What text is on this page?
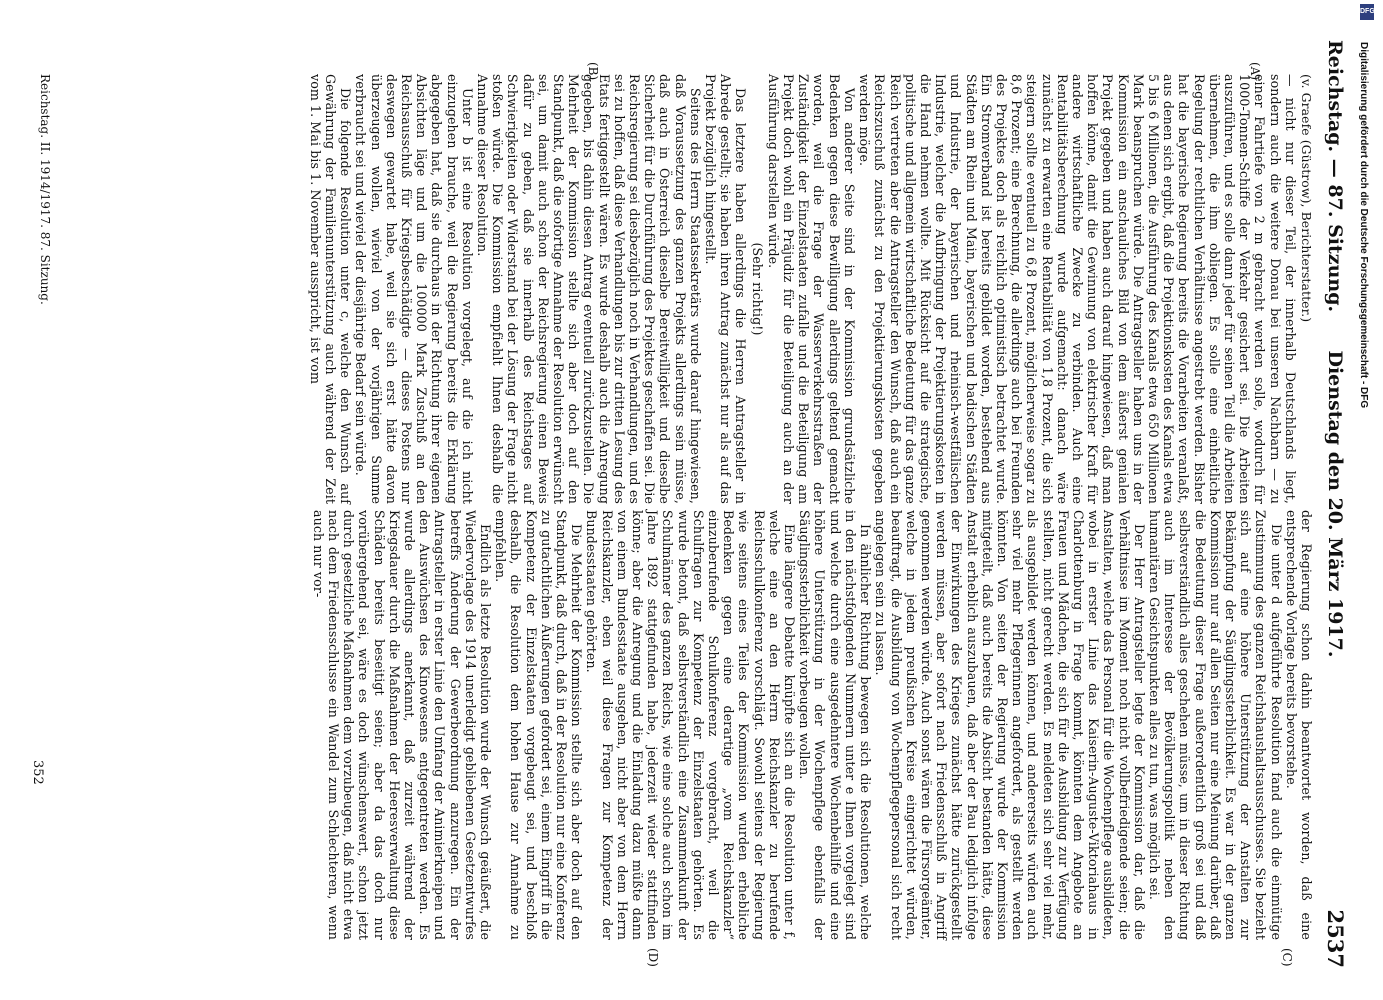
Reichstag. — 87. Sitzung.
Dienstag den 20. März 1917.
2537
(A)
(B)
(C)
(D)

(v. Graefe (Güstrow), Berichterstatter.)

— nicht nur dieser Teil, der innerhalb Deutschlands liegt, sondern auch die weitere Donau bei unseren Nachbarn — zu einer Fahrtiefe von 2 m gebracht werden solle, wodurch für 1000-Tonnen-Schiffe der Verkehr gesichert sei. Die Arbeiten auszuführen, und es solle dann jeder für seinen Teil die Arbeiten übernehmen, die ihm obliegen. Es solle eine einheitliche Regelung der rechtlichen Verhältnisse angestrebt werden. Bisher hat die bayerische Regierung bereits die Vorarbeiten veranlaßt, aus denen sich ergibt, daß die Projektionskosten des Kanals etwa 5 bis 6 Millionen, die Ausführung des Kanals etwa 650 Millionen Mark beanspruchen würde. Die Antragsteller haben uns in der Kommission ein anschauliches Bild von dem äußerst genialen Projekt gegeben und haben auch darauf hingewiesen, daß man hoffen könne, damit die Gewinnung von elektrischer Kraft für andere wirtschaftliche Zwecke zu verbinden. Auch eine Rentabilitätsberechnung wurde aufgemacht: danach wäre zunächst zu erwarten eine Rentabilität von 1,8 Prozent, die sich steigern sollte eventuell zu 6,8 Prozent, möglicherweise sogar zu 8,6 Prozent; eine Berechnung, die allerdings auch bei Freunden des Projektes doch als reichlich optimistisch betrachtet wurde. Ein Stromverband ist bereits gebildet worden, bestehend aus Städten am Rhein und Main, bayerischen und badischen Städten und Industrie, der bayerischen und rheinisch-westfälischen Industrie, welcher die Aufbringung der Projektierungskosten in die Hand nehmen wollte. Mit Rücksicht auf die strategische, politische und allgemein wirtschaftliche Bedeutung für das ganze Reich vertreten aber die Antragsteller den Wunsch, daß auch ein Reichszuschuß zunächst zu den Projektierungskosten gegeben werden möge.

Von anderer Seite sind in der Kommission grundsätzliche Bedenken gegen diese Bewilligung allerdings geltend gemacht worden, weil die Frage der Wasserverkehrsstraßen der Zuständigkeit der Einzelstaaten zufalle und die Beteiligung am Projekt doch wohl ein Präjudiz für die Beteiligung auch an der Ausführung darstellen würde.

(Sehr richtig!)

Das letztere haben allerdings die Herren Antragsteller in Abrede gestellt; sie haben ihren Antrag zunächst nur als auf das Projekt bezüglich hingestellt.

Seitens des Herrn Staatssekretärs wurde darauf hingewiesen, daß Voraussetzung des ganzen Projekts allerdings sein müsse, daß auch in Österreich dieselbe Bereitwilligkeit und dieselbe Sicherheit für die Durchführung des Projektes geschaffen sei. Die Reichsregierung sei diesbezüglich noch in Verhandlungen, und es sei zu hoffen, daß diese Verhandlungen bis zur dritten Lesung des Etats fertiggestellt wären. Es wurde deshalb auch die Anregung gegeben, bis dahin diesen Antrag eventuell zurückzustellen. Die Mehrheit der Kommission stellte sich aber doch auf den Standpunkt, daß die sofortige Annahme der Resolution erwünscht sei, um damit auch schon der Reichsregierung einen Beweis dafür zu geben, daß sie innerhalb des Reichstages auf Schwierigkeiten oder Widerstand bei der Lösung der Frage nicht stoßen würde. Die Kommission empfiehlt Ihnen deshalb die Annahme dieser Resolution.

Unter b ist eine Resolution vorgelegt, auf die ich nicht einzugehen brauche, weil die Regierung bereits die Erklärung abgegeben hat, daß sie durchaus in der Richtung ihrer eigenen Absichten läge und um die 100000 Mark Zuschuß an den Reichsausschuß für Kriegsbeschädigte — dieses Postens nur deswegen gewartet habe, weil sie sich erst hätte davon überzeugen wollen, wieviel von der vorjährigen Summe verbraucht sei und wieviel der diesjährige Bedarf sein würde.

Die folgende Resolution unter c, welche den Wunsch auf Gewährung der Familienunterstützung auch während der Zeit vom 1. Mai bis 1. November ausspricht, ist vom

der Regierung schon dahin beantwortet worden, daß eine entsprechende Vorlage bereits bevorstehe.

Die unter d aufgeführte Resolution fand auch die einmütige Zustimmung des ganzen Reichshaushaltsausschusses. Sie bezieht sich auf eine höhere Unterstützung der Anstalten zur Bekämpfung der Säuglingssterblichkeit. Es war in der ganzen Kommission nur auf allen Seiten nur eine Meinung darüber, daß die Bedeutung dieser Frage außerordentlich groß sei und daß selbstverständlich alles geschehen müsse, um in dieser Richtung auch im Interesse der Bevölkerungspolitik neben den humanitären Gesichtspunkten alles zu tun, was möglich sei.

Der Herr Antragsteller legte der Kommission dar, daß die Verhältnisse im Moment noch nicht vollbefriedigende seien; die Anstalten, welche das Personal für die Wochenpflege ausbildeten, wobei in erster Linie das Kaiserin-Auguste-Viktoriahaus in Charlottenburg in Frage kommt, könnten dem Angebote an Frauen und Mädchen, die sich für die Ausbildung zur Verfügung stellten, nicht gerecht werden. Es meldeten sich sehr viel mehr, als ausgebildet werden können, und andererseits würden auch sehr viel mehr Pflegerinnen angefordert, als gestellt werden könnten. Von seiten der Regierung wurde der Kommission mitgeteilt, daß auch bereits die Absicht bestanden hätte, diese Anstalt erheblich auszubauen, daß aber der Bau lediglich infolge der Einwirkungen des Krieges zunächst hätte zurückgestellt werden müssen, aber sofort nach Friedensschluß in Angriff genommen werden würde. Auch sonst wären die Fürsorgeämter, welche in jedem preußischen Kreise eingerichtet würden, beauftragt, die Ausbildung von Wochenpflegepersonal sich recht angelegen sein zu lassen.

In ähnlicher Richtung bewegen sich die Resolutionen, welche in den nächstfolgenden Nummern unter e Ihnen vorgelegt sind und welche durch eine ausgedehntere Wochenbeihilfe und eine höhere Unterstützung in der Wochenpflege ebenfalls der Säuglingssterblichkeit vorbeugen wollen.

Eine längere Debatte knüpfte sich an die Resolution unter f, welche eine an den Herrn Reichskanzler zu berufende Reichsschulkonferenz vorschlägt. Sowohl seitens der Regierung wie seitens eines Teiles der Kommission wurden erhebliche Bedenken gegen eine derartige „vom Reichskanzler“ einzuberufende Schulkonferenz vorgebracht, weil die Schulfragen zur Kompetenz der Einzelstaaten gehörten. Es wurde betont, daß selbstverständlich eine Zusammenkunft der Schulmänner des ganzen Reichs, wie eine solche auch schon im Jahre 1892 stattgefunden habe, jederzeit wieder stattfinden könne; aber die Anregung und die Einladung dazu müßte dann von einem Bundesstaate ausgehen, nicht aber von dem Herrn Reichskanzler, eben weil diese Fragen zur Kompetenz der Bundesstaaten gehörten.

Die Mehrheit der Kommission stellte sich aber doch auf den Standpunkt, daß durch, daß in der Resolution nur eine Konferenz zu gutachtlichen Äußerungen gefordert sei, einem Eingriff in die Kompetenz der Einzelstaaten vorgebeugt sei, und beschloß deshalb, die Resolution dem hohen Hause zur Annahme zu empfehlen.

Endlich als letzte Resolution wurde der Wunsch geäußert, die Wiedervorlage des 1914 unerledigt gebliebenen Gesetzentwurfes betreffs Änderung der Gewerbeordnung anzuregen. Ein der Antragsteller in erster Linie den Umfang der Animierkneipen und den Auswüchsen des Kinowesens entgegentreten werden. Es wurde allerdings anerkannt, daß zurzeit während der Kriegsdauer durch die Maßnahmen der Heeresverwaltung diese Schäden bereits beseitigt seien; aber da das doch nur vorübergehend sei, wäre es doch wünschenswert, schon jetzt durch gesetzliche Maßnahmen dem vorzubeugen, daß nicht etwa nach dem Friedensschlusse ein Wandel zum Schlechteren, wenn auch nur vor-

Reichstag. II. 1914/1917. 87. Sitzung.
352
DFG
Digitalisierung gefördert durch die Deutsche Forschungsgemeinschaft - DFG
